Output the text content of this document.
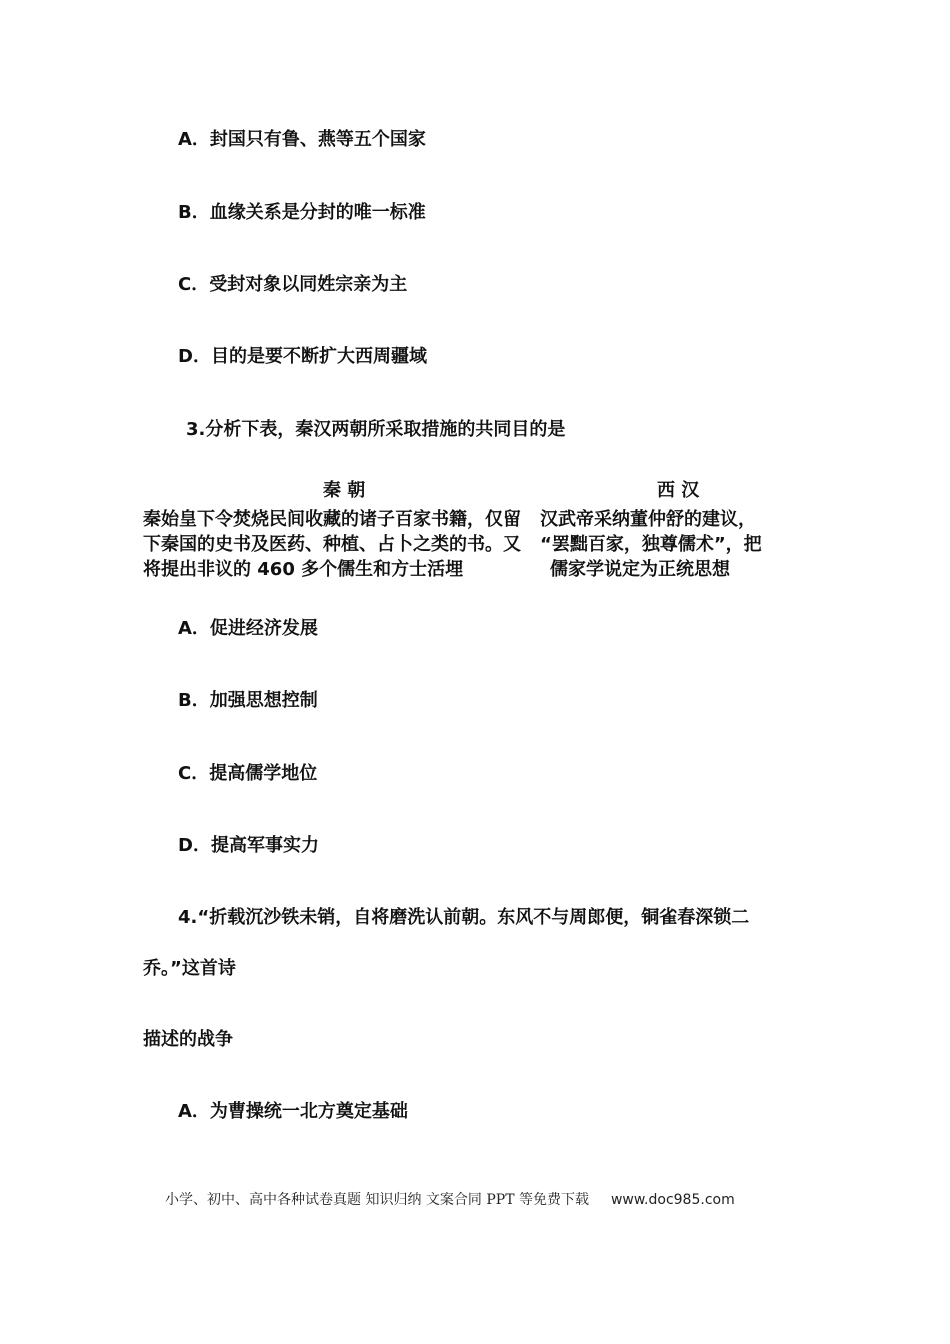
A．封国只有鲁、燕等五个国家
B．血缘关系是分封的唯一标准
C．受封对象以同姓宗亲为主
D．目的是要不断扩大西周疆域
3.分析下表，秦汉两朝所采取措施的共同目的是
秦 朝	西 汉
秦始皇下令焚烧民间收藏的诸子百家书籍，仅留 汉武帝采纳董仲舒的建议，
下秦国的史书及医药、种植、占卜之类的书。又 “罢黜百家，独尊儒术”，把
将提出非议的 460 多个儒生和方士活埋	儒家学说定为正统思想
A．促进经济发展
B．加强思想控制
C．提高儒学地位
D．提高军事实力
4.“折载沉沙铁未销，自将磨洗认前朝。东风不与周郎便，铜雀春深锁二
乔。”这首诗
描述的战争
A．为曹操统一北方奠定基础
小学、初中、高中各种试卷真题 知识归纳 文案合同 PPT 等免费下载 www.doc985.com
